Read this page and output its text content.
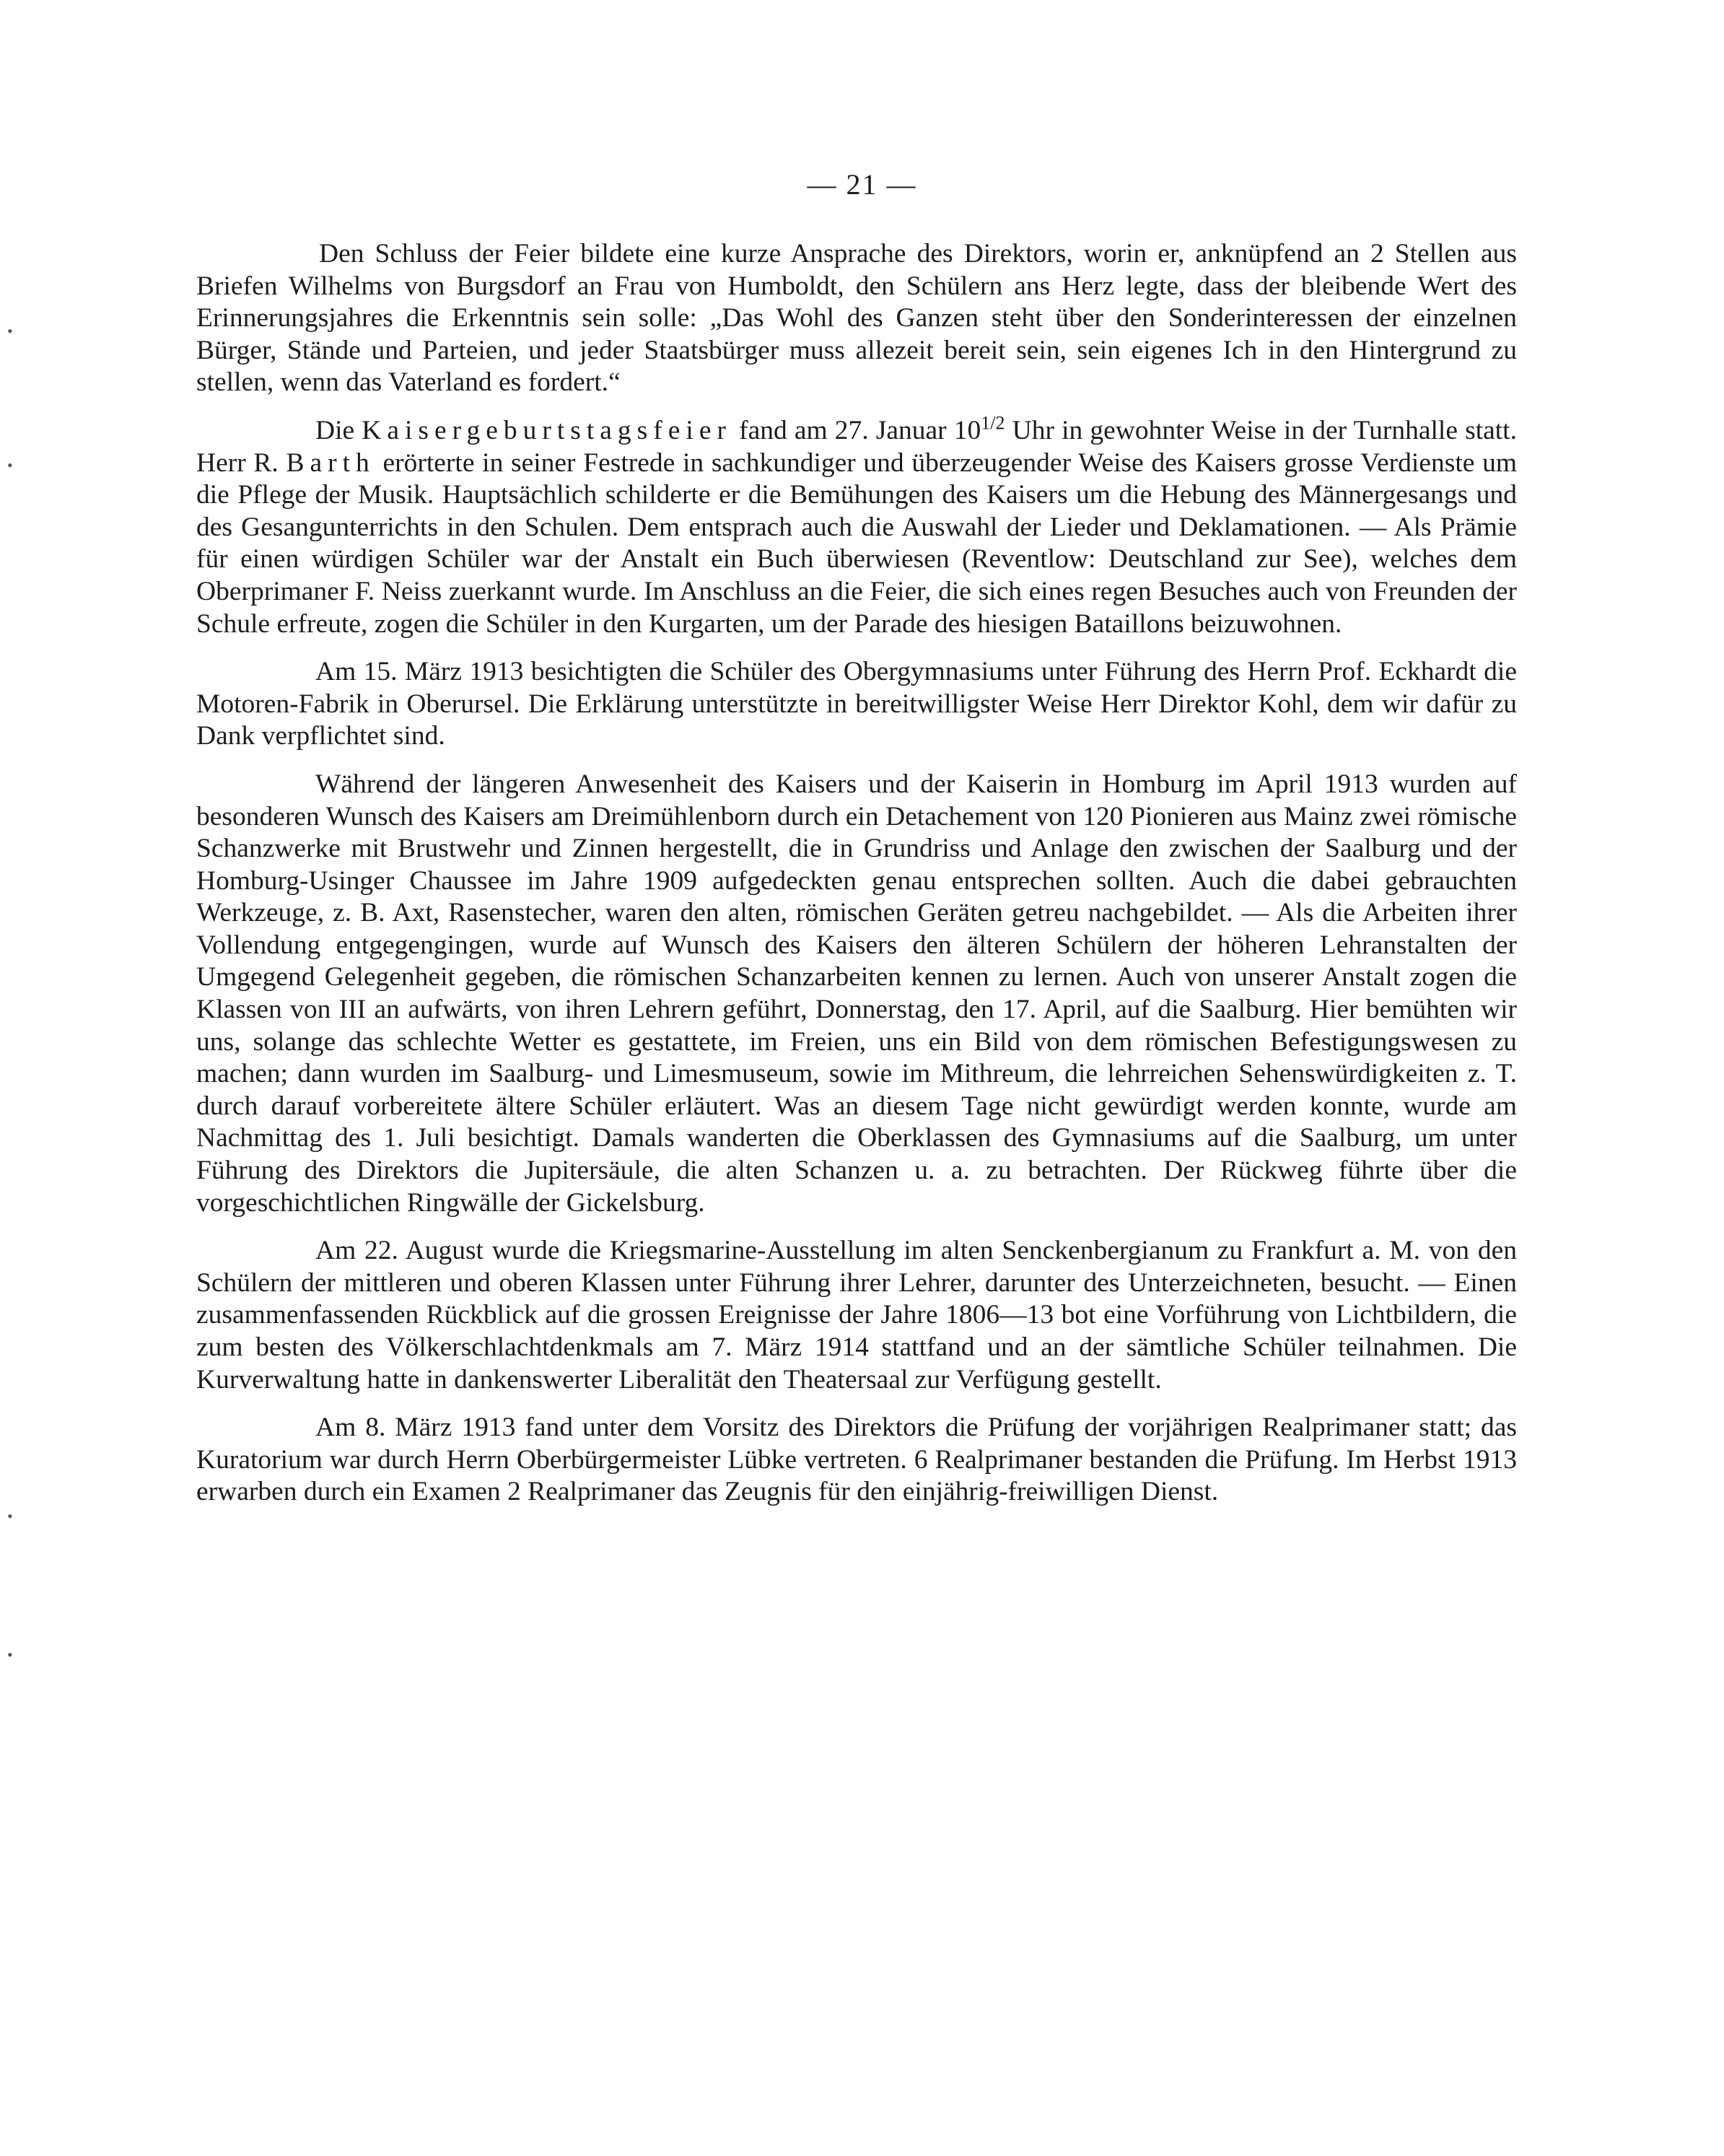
— 21 —
•
•
•
•

Den Schluss der Feier bildete eine kurze Ansprache des Direktors, worin er, anknüpfend an 2 Stellen aus Briefen Wilhelms von Burgsdorf an Frau von Humboldt, den Schülern ans Herz legte, dass der bleibende Wert des Erinnerungsjahres die Erkenntnis sein solle: „Das Wohl des Ganzen steht über den Sonderinteressen der einzelnen Bürger, Stände und Parteien, und jeder Staatsbürger muss allezeit bereit sein, sein eigenes Ich in den Hintergrund zu stellen, wenn das Vaterland es fordert.“

Die Kaisergeburtstagsfeier fand am 27. Januar $10^{1/2}$ Uhr in gewohnter Weise in der Turnhalle statt. Herr R. Barth erörterte in seiner Festrede in sachkundiger und überzeugender Weise des Kaisers grosse Verdienste um die Pflege der Musik. Hauptsächlich schilderte er die Bemühungen des Kaisers um die Hebung des Männergesangs und des Gesangunterrichts in den Schulen. Dem entsprach auch die Auswahl der Lieder und Deklamationen. — Als Prämie für einen würdigen Schüler war der Anstalt ein Buch überwiesen (Reventlow: Deutschland zur See), welches dem Oberprimaner F. Neiss zuerkannt wurde. Im Anschluss an die Feier, die sich eines regen Besuches auch von Freunden der Schule erfreute, zogen die Schüler in den Kurgarten, um der Parade des hiesigen Bataillons beizuwohnen.

Am 15. März 1913 besichtigten die Schüler des Obergymnasiums unter Führung des Herrn Prof. Eckhardt die Motoren-Fabrik in Oberursel. Die Erklärung unterstützte in bereitwilligster Weise Herr Direktor Kohl, dem wir dafür zu Dank verpflichtet sind.

Während der längeren Anwesenheit des Kaisers und der Kaiserin in Homburg im April 1913 wurden auf besonderen Wunsch des Kaisers am Dreimühlenborn durch ein Detachement von 120 Pionieren aus Mainz zwei römische Schanzwerke mit Brustwehr und Zinnen hergestellt, die in Grundriss und Anlage den zwischen der Saalburg und der Homburg-Usinger Chaussee im Jahre 1909 aufgedeckten genau entsprechen sollten. Auch die dabei gebrauchten Werkzeuge, z. B. Axt, Rasenstecher, waren den alten, römischen Geräten getreu nachgebildet. — Als die Arbeiten ihrer Vollendung entgegengingen, wurde auf Wunsch des Kaisers den älteren Schülern der höheren Lehranstalten der Umgegend Gelegenheit gegeben, die römischen Schanzarbeiten kennen zu lernen. Auch von unserer Anstalt zogen die Klassen von III an aufwärts, von ihren Lehrern geführt, Donnerstag, den 17. April, auf die Saalburg. Hier bemühten wir uns, solange das schlechte Wetter es gestattete, im Freien, uns ein Bild von dem römischen Befestigungswesen zu machen; dann wurden im Saalburg- und Limesmuseum, sowie im Mithreum, die lehrreichen Sehenswürdigkeiten z. T. durch darauf vorbereitete ältere Schüler erläutert. Was an diesem Tage nicht gewürdigt werden konnte, wurde am Nachmittag des 1. Juli besichtigt. Damals wanderten die Oberklassen des Gymnasiums auf die Saalburg, um unter Führung des Direktors die Jupitersäule, die alten Schanzen u. a. zu betrachten. Der Rückweg führte über die vorgeschichtlichen Ringwälle der Gickelsburg.

Am 22. August wurde die Kriegsmarine-Ausstellung im alten Senckenbergianum zu Frankfurt a. M. von den Schülern der mittleren und oberen Klassen unter Führung ihrer Lehrer, darunter des Unterzeichneten, besucht. — Einen zusammenfassenden Rückblick auf die grossen Ereignisse der Jahre 1806—13 bot eine Vorführung von Lichtbildern, die zum besten des Völkerschlachtdenkmals am 7. März 1914 stattfand und an der sämtliche Schüler teilnahmen. Die Kurverwaltung hatte in dankenswerter Liberalität den Theatersaal zur Verfügung gestellt.

Am 8. März 1913 fand unter dem Vorsitz des Direktors die Prüfung der vorjährigen Realprimaner statt; das Kuratorium war durch Herrn Oberbürgermeister Lübke vertreten. 6 Realprimaner bestanden die Prüfung. Im Herbst 1913 erwarben durch ein Examen 2 Realprimaner das Zeugnis für den einjährig-freiwilligen Dienst.
